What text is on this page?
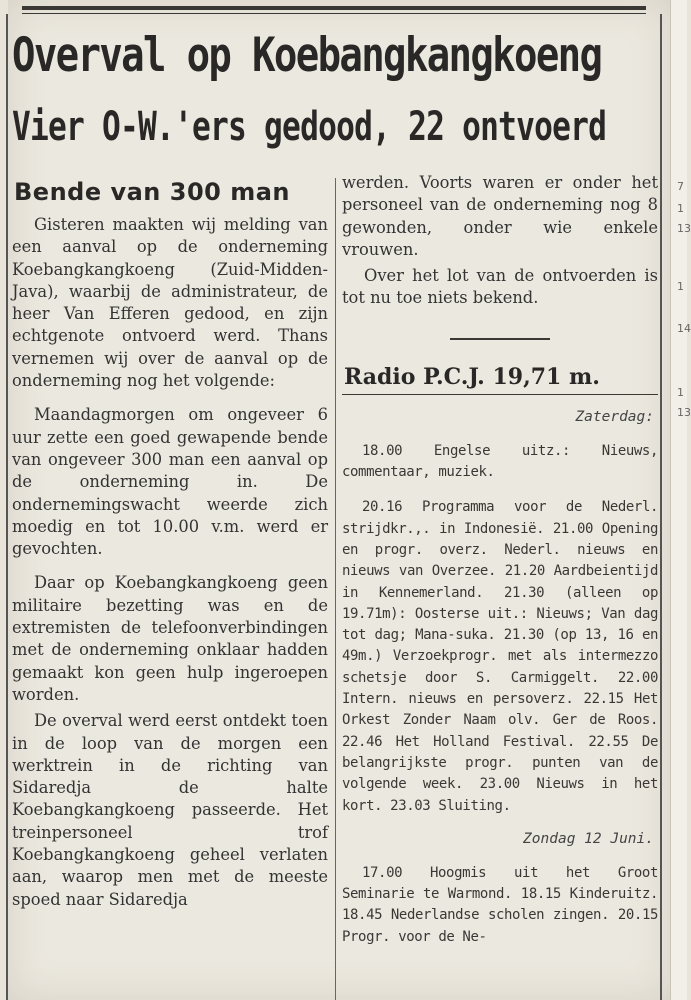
7
1
13
1
14
1
13
Overval op Koebangkangkoeng
Vier O-W.'ers gedood, 22 ontvoerd
Bende van 300 man

Gisteren maakten wij melding van een aanval op de onderneming Koebangkangkoeng (Zuid-Midden-Java), waarbij de administrateur, de heer Van Efferen gedood, en zijn echtgenote ontvoerd werd. Thans vernemen wij over de aanval op de onderneming nog het volgende:

Maandagmorgen om ongeveer 6 uur zette een goed gewapende bende van ongeveer 300 man een aanval op de onderneming in. De ondernemingswacht weerde zich moedig en tot 10.00 v.m. werd er gevochten.

Daar op Koebangkangkoeng geen militaire bezetting was en de extremisten de telefoonverbindingen met de onderneming onklaar hadden gemaakt kon geen hulp ingeroepen worden.

De overval werd eerst ontdekt toen in de loop van de morgen een werktrein in de richting van Sidaredja de halte Koebangkangkoeng passeerde. Het treinpersoneel trof Koebangkangkoeng geheel verlaten aan, waarop men met de meeste spoed naar Sidaredja

werden. Voorts waren er onder het personeel van de onderneming nog 8 gewonden, onder wie enkele vrouwen.

Over het lot van de ontvoerden is tot nu toe niets bekend.

Radio P.C.J. 19,71 m.
Zaterdag:

18.00 Engelse uitz.: Nieuws, commentaar, muziek.

20.16 Programma voor de Nederl. strijdkr.,. in Indonesië. 21.00 Opening en progr. overz. Nederl. nieuws en nieuws van Overzee. 21.20 Aardbeientijd in Kennemerland. 21.30 (alleen op 19.71m): Oosterse uit.: Nieuws; Van dag tot dag; Mana-suka. 21.30 (op 13, 16 en 49m.) Verzoekprogr. met als intermezzo schetsje door S. Carmiggelt. 22.00 Intern. nieuws en persoverz. 22.15 Het Orkest Zonder Naam olv. Ger de Roos. 22.46 Het Holland Festival. 22.55 De belangrijkste progr. punten van de volgende week. 23.00 Nieuws in het kort. 23.03 Sluiting.

Zondag 12 Juni.

17.00 Hoogmis uit het Groot Seminarie te Warmond. 18.15 Kinderuitz. 18.45 Nederlandse scholen zingen. 20.15 Progr. voor de Ne-
